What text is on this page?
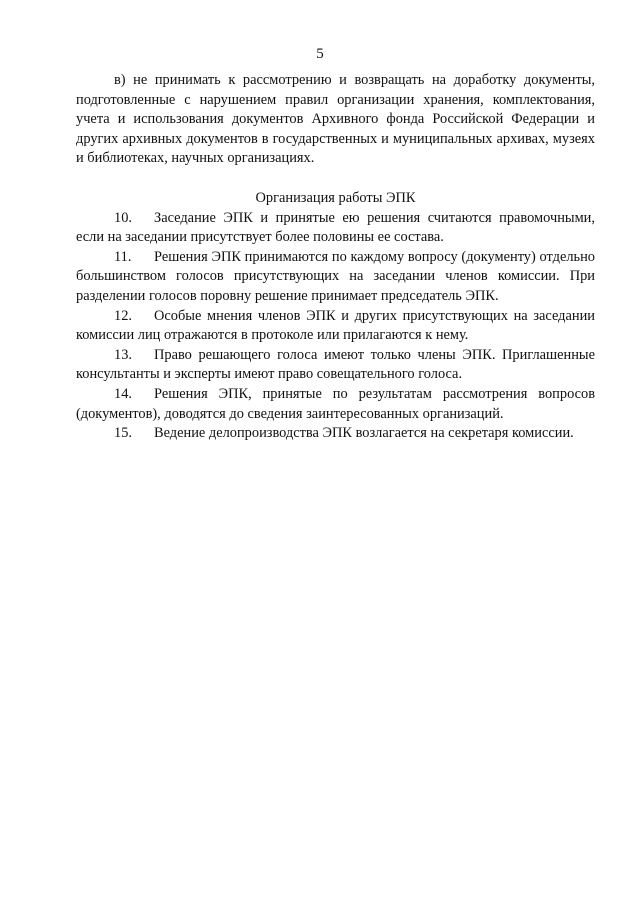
5

в) не принимать к рассмотрению и возвращать на доработку документы, подготовленные с нарушением правил организации хранения, комплектования, учета и использования документов Архивного фонда Российской Федерации и других архивных документов в государственных и муниципальных архивах, музеях и библиотеках, научных организациях.

Организация работы ЭПК

10. Заседание ЭПК и принятые ею решения считаются правомочными, если на заседании присутствует более половины ее состава.

11. Решения ЭПК принимаются по каждому вопросу (документу) отдельно большинством голосов присутствующих на заседании членов комиссии. При разделении голосов поровну решение принимает председатель ЭПК.

12. Особые мнения членов ЭПК и других присутствующих на заседании комиссии лиц отражаются в протоколе или прилагаются к нему.

13. Право решающего голоса имеют только члены ЭПК. Приглашенные консультанты и эксперты имеют право совещательного голоса.

14. Решения ЭПК, принятые по результатам рассмотрения вопросов (документов), доводятся до сведения заинтересованных организаций.

15. Ведение делопроизводства ЭПК возлагается на секретаря комиссии.
